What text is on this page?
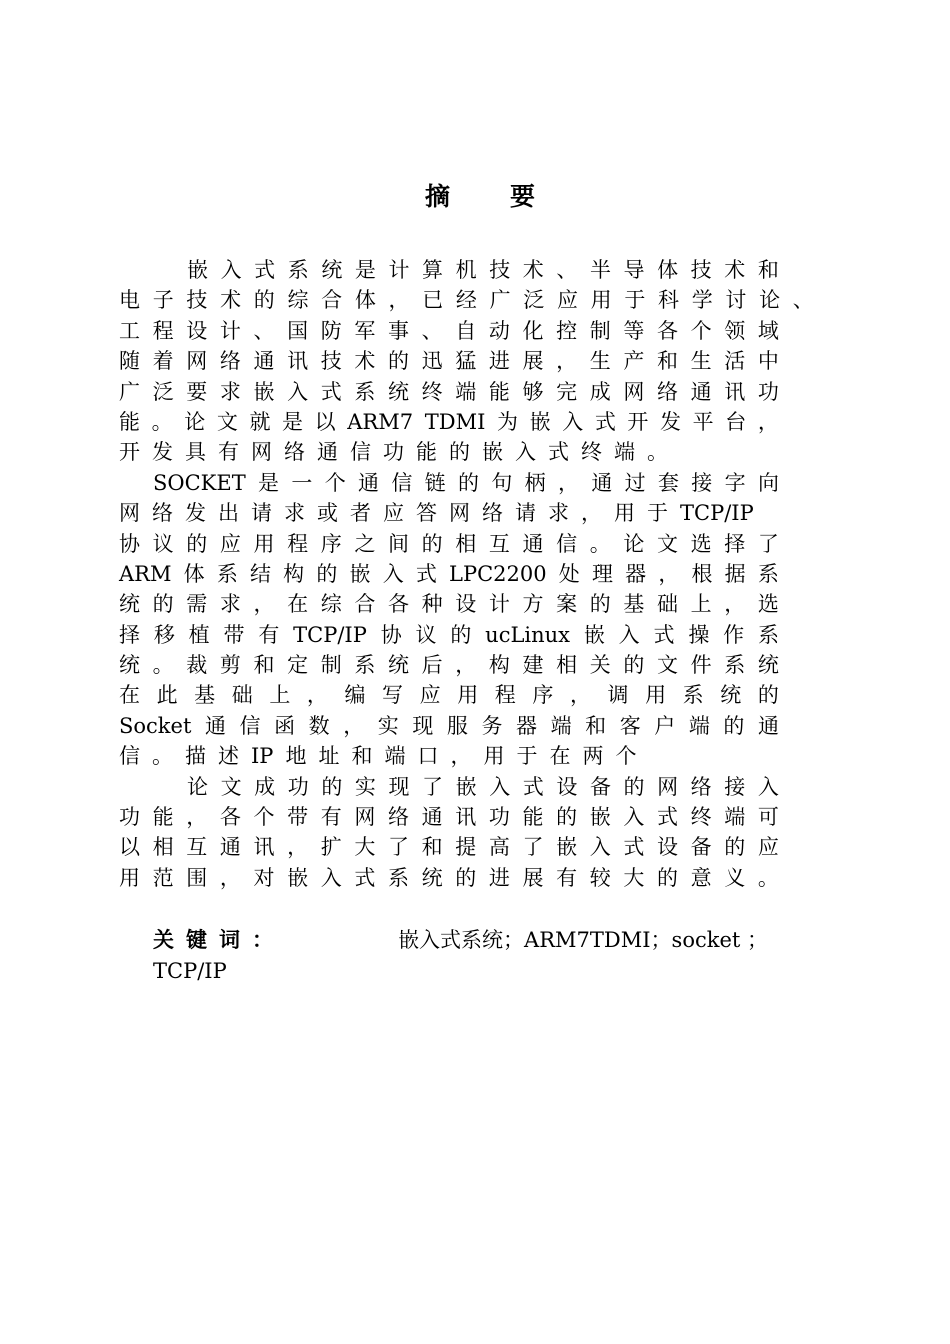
摘要
嵌 入 式 系 统 是 计 算 机 技 术 、 半 导 体 技 术 和
电 子 技 术 的 综 合 体 ， 已 经 广 泛 应 用 于 科 学 讨 论 、
工 程 设 计 、 国 防 军 事 、 自 动 化 控 制 等 各 个 领 域
随 着 网 络 通 讯 技 术 的 迅 猛 进 展 ， 生 产 和 生 活 中
广 泛 要 求 嵌 入 式 系 统 终 端 能 够 完 成 网 络 通 讯 功
能 。 论 文 就 是 以 ARM7 TDMI 为 嵌 入 式 开 发 平 台 ，
开 发 具 有 网 络 通 信 功 能 的 嵌 入 式 终 端 。
SOCKET 是 一 个 通 信 链 的 句 柄 ， 通 过 套 接 字 向
网 络 发 出 请 求 或 者 应 答 网 络 请 求 ， 用 于 TCP/IP
协 议 的 应 用 程 序 之 间 的 相 互 通 信 。 论 文 选 择 了
ARM 体 系 结 构 的 嵌 入 式 LPC2200 处 理 器 ， 根 据 系
统 的 需 求 ， 在 综 合 各 种 设 计 方 案 的 基 础 上 ， 选
择 移 植 带 有 TCP/IP 协 议 的 ucLinux 嵌 入 式 操 作 系
统 。 裁 剪 和 定 制 系 统 后 ， 构 建 相 关 的 文 件 系 统
在 此 基 础 上 ， 编 写 应 用 程 序 ， 调 用 系 统 的
Socket 通 信 函 数 ， 实 现 服 务 器 端 和 客 户 端 的 通
信 。 描 述 IP 地 址 和 端 口 ， 用 于 在 两 个
论 文 成 功 的 实 现 了 嵌 入 式 设 备 的 网 络 接 入
功 能 ， 各 个 带 有 网 络 通 讯 功 能 的 嵌 入 式 终 端 可
以 相 互 通 讯 ， 扩 大 了 和 提 高 了 嵌 入 式 设 备 的 应
用 范 围 ， 对 嵌 入 式 系 统 的 进 展 有 较 大 的 意 义 。
关键词：	嵌入式系统；ARM7TDMI；socket ；
TCP/IP
